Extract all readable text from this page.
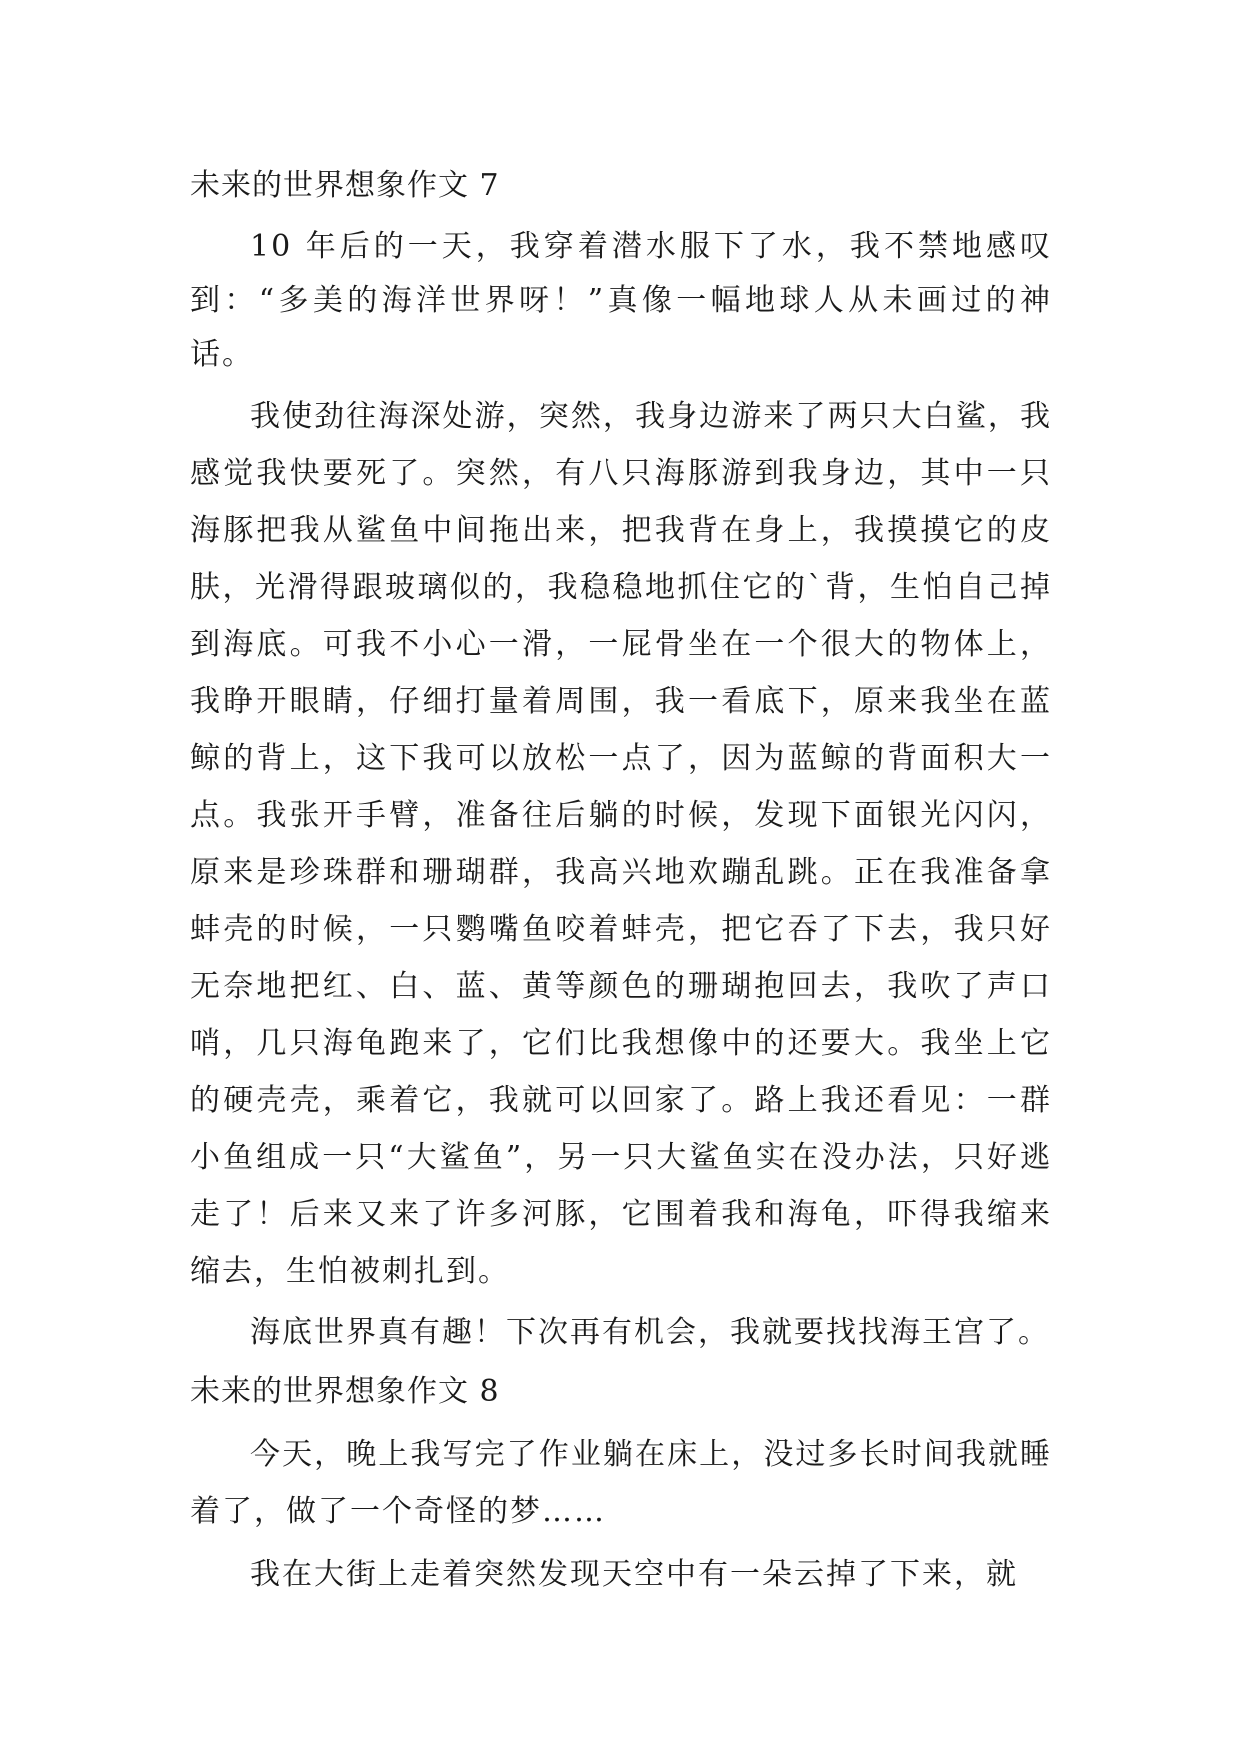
未来的世界想象作文 7

10 年后的一天，我穿着潜水服下了水，我不禁地感叹到：“多美的海洋世界呀！”真像一幅地球人从未画过的神话。

我使劲往海深处游，突然，我身边游来了两只大白鲨，我感觉我快要死了。突然，有八只海豚游到我身边，其中一只海豚把我从鲨鱼中间拖出来，把我背在身上，我摸摸它的皮肤，光滑得跟玻璃似的，我稳稳地抓住它的`背，生怕自己掉到海底。可我不小心一滑，一屁骨坐在一个很大的物体上，我睁开眼睛，仔细打量着周围，我一看底下，原来我坐在蓝鲸的背上，这下我可以放松一点了，因为蓝鲸的背面积大一点。我张开手臂，准备往后躺的时候，发现下面银光闪闪，原来是珍珠群和珊瑚群，我高兴地欢蹦乱跳。正在我准备拿蚌壳的时候，一只鹦嘴鱼咬着蚌壳，把它吞了下去，我只好无奈地把红、白、蓝、黄等颜色的珊瑚抱回去，我吹了声口哨，几只海龟跑来了，它们比我想像中的还要大。我坐上它的硬壳壳，乘着它，我就可以回家了。路上我还看见：一群小鱼组成一只“大鲨鱼”，另一只大鲨鱼实在没办法，只好逃走了！后来又来了许多河豚，它围着我和海龟，吓得我缩来缩去，生怕被刺扎到。

海底世界真有趣！下次再有机会，我就要找找海王宫了。

未来的世界想象作文 8

今天，晚上我写完了作业躺在床上，没过多长时间我就睡着了，做了一个奇怪的梦……

我在大街上走着突然发现天空中有一朵云掉了下来，就
